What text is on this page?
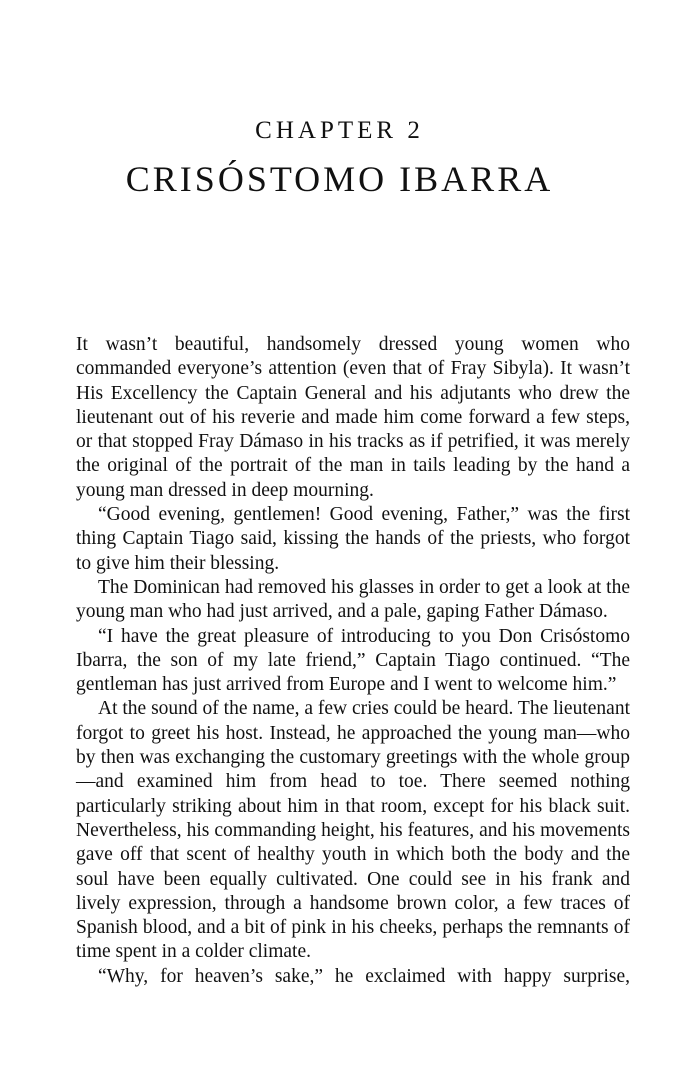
CHAPTER 2
CRISÓSTOMO IBARRA

It wasn’t beautiful, handsomely dressed young women who commanded everyone’s attention (even that of Fray Sibyla). It wasn’t His Excellency the Captain General and his adjutants who drew the lieutenant out of his reverie and made him come forward a few steps, or that stopped Fray Dámaso in his tracks as if petrified, it was merely the original of the portrait of the man in tails leading by the hand a young man dressed in deep mourning.

“Good evening, gentlemen! Good evening, Father,” was the first thing Captain Tiago said, kissing the hands of the priests, who forgot to give him their blessing.

The Dominican had removed his glasses in order to get a look at the young man who had just arrived, and a pale, gaping Father Dámaso.

“I have the great pleasure of introducing to you Don Crisóstomo Ibarra, the son of my late friend,” Captain Tiago continued. “The gentleman has just arrived from Europe and I went to welcome him.”

At the sound of the name, a few cries could be heard. The lieutenant forgot to greet his host. Instead, he approached the young man—who by then was exchanging the customary greetings with the whole group—and examined him from head to toe. There seemed nothing particularly striking about him in that room, except for his black suit. Nevertheless, his commanding height, his features, and his movements gave off that scent of healthy youth in which both the body and the soul have been equally cultivated. One could see in his frank and lively expression, through a handsome brown color, a few traces of Spanish blood, and a bit of pink in his cheeks, perhaps the remnants of time spent in a colder climate.

“Why, for heaven’s sake,” he exclaimed with happy surprise,
